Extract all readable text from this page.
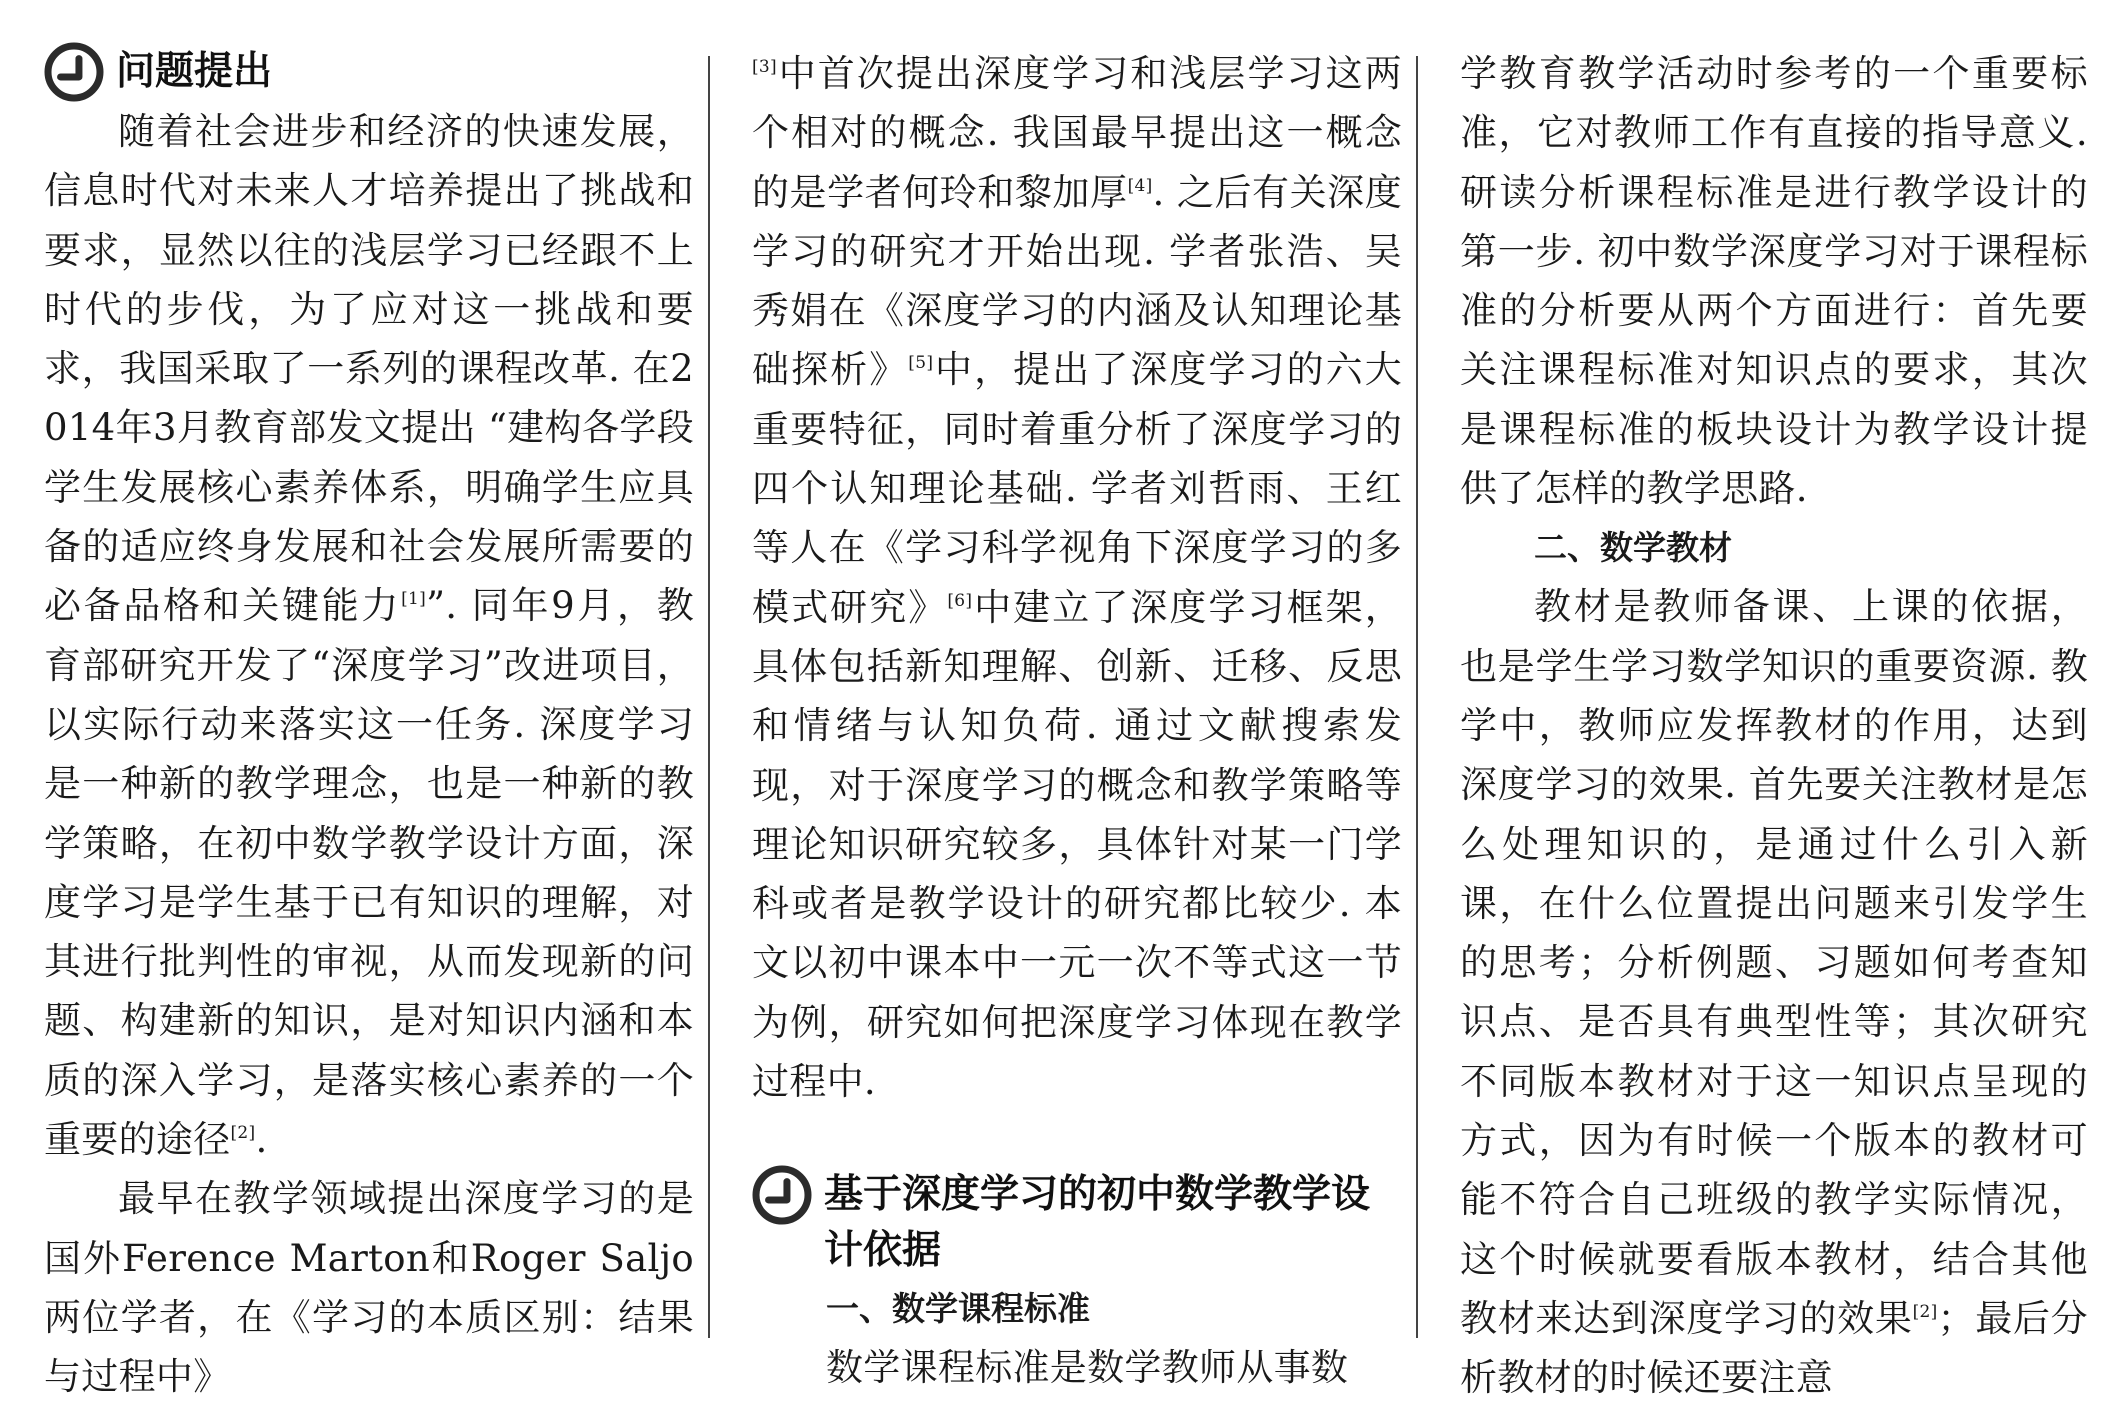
问题提出

随着社会进步和经济的快速发展，信息时代对未来人才培养提出了挑战和要求，显然以往的浅层学习已经跟不上时代的步伐，为了应对这一挑战和要求，我国采取了一系列的课程改革. 在2014年3月教育部发文提出 “建构各学段学生发展核心素养体系，明确学生应具备的适应终身发展和社会发展所需要的必备品格和关键能力[1]”. 同年9月，教育部研究开发了“深度学习”改进项目，以实际行动来落实这一任务. 深度学习是一种新的教学理念，也是一种新的教学策略，在初中数学教学设计方面，深度学习是学生基于已有知识的理解，对其进行批判性的审视，从而发现新的问题、构建新的知识，是对知识内涵和本质的深入学习，是落实核心素养的一个重要的途径[2].

最早在教学领域提出深度学习的是国外Ference Marton和Roger Saljo两位学者，在《学习的本质区别：结果与过程中》

[3]中首次提出深度学习和浅层学习这两个相对的概念. 我国最早提出这一概念的是学者何玲和黎加厚[4]. 之后有关深度学习的研究才开始出现. 学者张浩、吴秀娟在《深度学习的内涵及认知理论基础探析》[5]中，提出了深度学习的六大重要特征，同时着重分析了深度学习的四个认知理论基础. 学者刘哲雨、王红等人在《学习科学视角下深度学习的多模式研究》[6]中建立了深度学习框架，具体包括新知理解、创新、迁移、反思和情绪与认知负荷. 通过文献搜索发现，对于深度学习的概念和教学策略等理论知识研究较多，具体针对某一门学科或者是教学设计的研究都比较少. 本文以初中课本中一元一次不等式这一节为例，研究如何把深度学习体现在教学过程中.

基于深度学习的初中数学教学设计依据
一、数学课程标准

数学课程标准是数学教师从事数

学教育教学活动时参考的一个重要标准，它对教师工作有直接的指导意义. 研读分析课程标准是进行教学设计的第一步. 初中数学深度学习对于课程标准的分析要从两个方面进行：首先要关注课程标准对知识点的要求，其次是课程标准的板块设计为教学设计提供了怎样的教学思路.

二、数学教材

教材是教师备课、上课的依据，也是学生学习数学知识的重要资源. 教学中，教师应发挥教材的作用，达到深度学习的效果. 首先要关注教材是怎么处理知识的，是通过什么引入新课，在什么位置提出问题来引发学生的思考；分析例题、习题如何考查知识点、是否具有典型性等；其次研究不同版本教材对于这一知识点呈现的方式，因为有时候一个版本的教材可能不符合自己班级的教学实际情况，这个时候就要看版本教材，结合其他教材来达到深度学习的效果[2]；最后分析教材的时候还要注意
